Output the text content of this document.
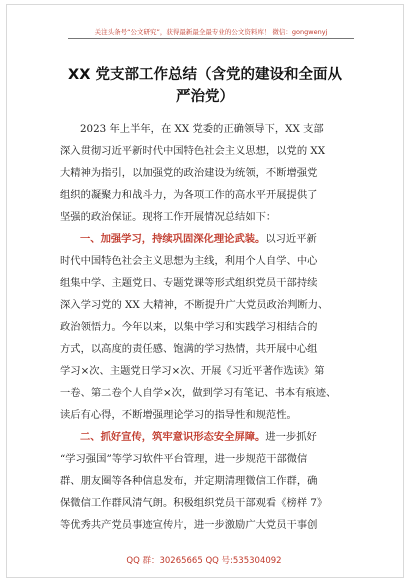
关注头条号“公文研究”，获得最新最全最专业的公文资料库！ 微信：gongwenyj
XX 党支部工作总结（含党的建设和全面从
严治党）
2023 年上半年，在 XX 党委的正确领导下，XX 支部
深入贯彻习近平新时代中国特色社会主义思想，以党的 XX
大精神为指引，以加强党的政治建设为统领，不断增强党
组织的凝聚力和战斗力，为各项工作的高水平开展提供了
坚强的政治保证。现将工作开展情况总结如下：
一、加强学习，持续巩固深化理论武装。以习近平新
时代中国特色社会主义思想为主线，利用个人自学、中心
组集中学、主题党日、专题党课等形式组织党员干部持续
深入学习党的 XX 大精神，不断提升广大党员政治判断力、
政治领悟力。今年以来，以集中学习和实践学习相结合的
方式，以高度的责任感、饱满的学习热情，共开展中心组
学习×次、主题党日学习×次、开展《习近平著作选读》第
一卷、第二卷个人自学×次，做到学习有笔记、书本有痕迹、
读后有心得，不断增强理论学习的指导性和规范性。
二、抓好宣传，筑牢意识形态安全屏障。进一步抓好
“学习强国”等学习软件平台管理，进一步规范干部微信
群、朋友圈等各种信息发布，并定期清理微信工作群，确
保微信工作群风清气朗。积极组织党员干部观看《榜样 7》
等优秀共产党员事迹宣传片，进一步激励广大党员干事创
QQ 群：30265665 QQ 号:535304092
